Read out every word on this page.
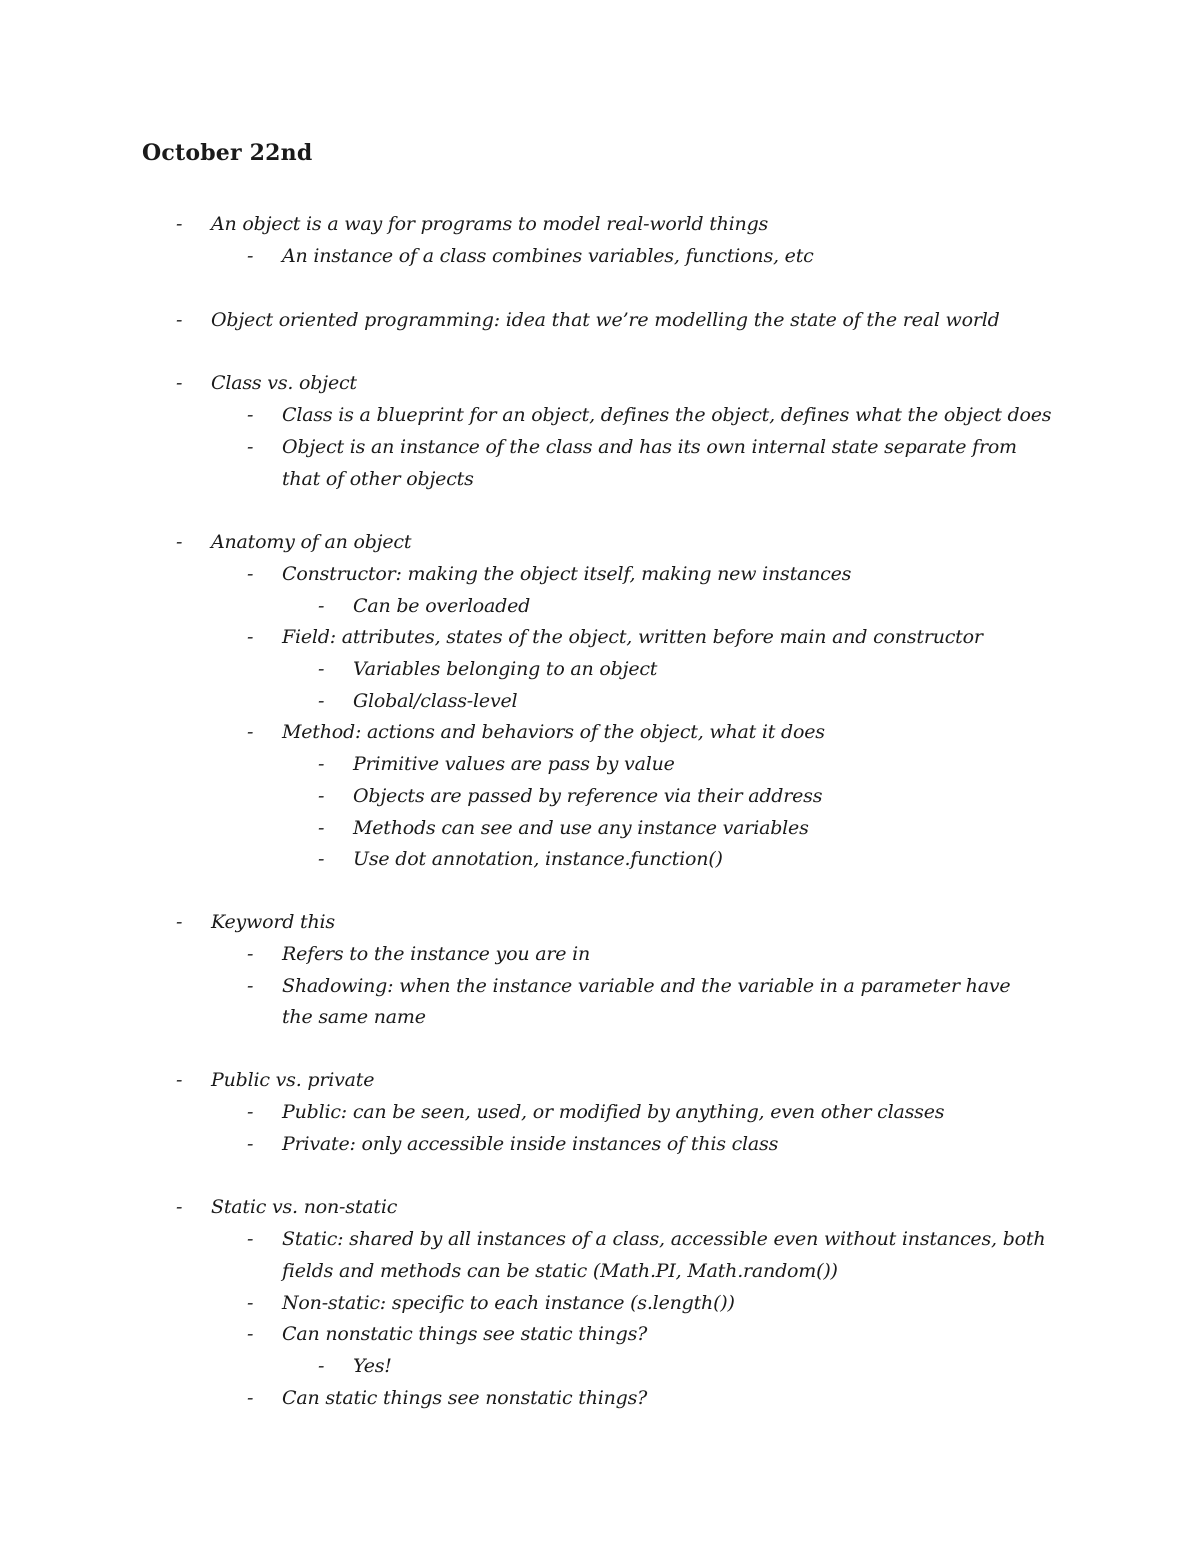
October 22nd
- An object is a way for programs to model real-world things
- An instance of a class combines variables, functions, etc
- Object oriented programming: idea that we’re modelling the state of the real world
- Class vs. object
- Class is a blueprint for an object, defines the object, defines what the object does
- Object is an instance of the class and has its own internal state separate from
that of other objects
- Anatomy of an object
- Constructor: making the object itself, making new instances
- Can be overloaded
- Field: attributes, states of the object, written before main and constructor
- Variables belonging to an object
- Global/class-level
- Method: actions and behaviors of the object, what it does
- Primitive values are pass by value
- Objects are passed by reference via their address
- Methods can see and use any instance variables
- Use dot annotation, instance.function()
- Keyword this
- Refers to the instance you are in
- Shadowing: when the instance variable and the variable in a parameter have
the same name
- Public vs. private
- Public: can be seen, used, or modified by anything, even other classes
- Private: only accessible inside instances of this class
- Static vs. non-static
- Static: shared by all instances of a class, accessible even without instances, both
fields and methods can be static (Math.PI, Math.random())
- Non-static: specific to each instance (s.length())
- Can nonstatic things see static things?
- Yes!
- Can static things see nonstatic things?
